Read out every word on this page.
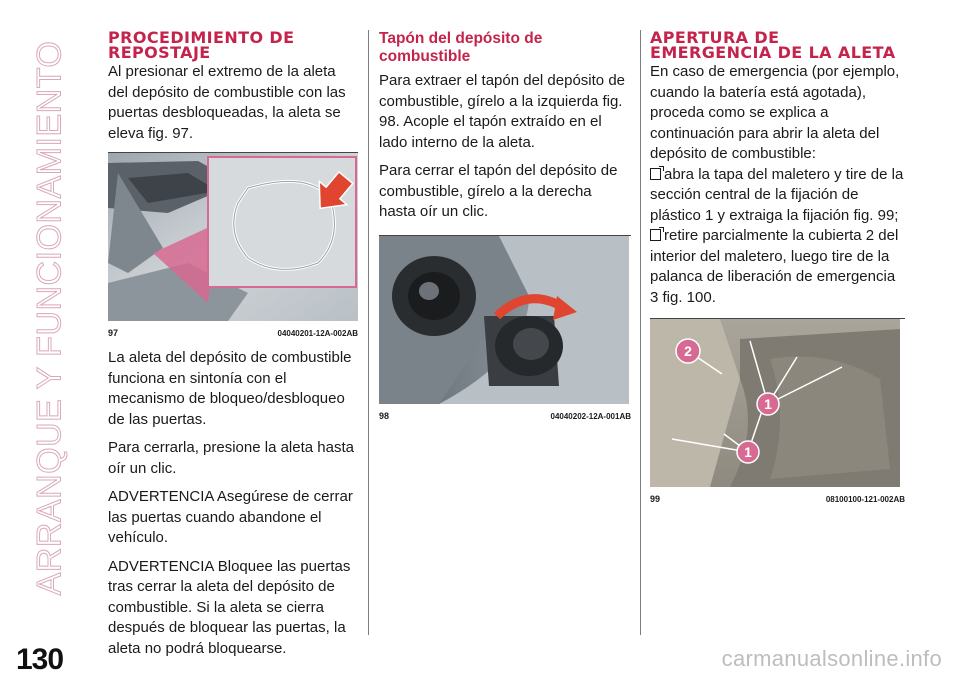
ARRANQUE Y FUNCIONAMIENTO
PROCEDIMIENTO DE REPOSTAJE

Al presionar el extremo de la aleta del depósito de combustible con las puertas desbloqueadas, la aleta se eleva fig. 97.

97	04040201-12A-002AB

La aleta del depósito de combustible funciona en sintonía con el mecanismo de bloqueo/desbloqueo de las puertas.

Para cerrarla, presione la aleta hasta oír un clic.

ADVERTENCIA Asegúrese de cerrar las puertas cuando abandone el vehículo.

ADVERTENCIA Bloquee las puertas tras cerrar la aleta del depósito de combustible. Si la aleta se cierra después de bloquear las puertas, la aleta no podrá bloquearse.

Tapón del depósito de combustible

Para extraer el tapón del depósito de combustible, gírelo a la izquierda fig. 98. Acople el tapón extraído en el lado interno de la aleta.

Para cerrar el tapón del depósito de combustible, gírelo a la derecha hasta oír un clic.

98	04040202-12A-001AB
APERTURA DE EMERGENCIA DE LA ALETA

En caso de emergencia (por ejemplo, cuando la batería está agotada), proceda como se explica a continuación para abrir la aleta del depósito de combustible:

abra la tapa del maletero y tire de la sección central de la fijación de plástico 1 y extraiga la fijación fig. 99;
retire parcialmente la cubierta 2 del interior del maletero, luego tire de la palanca de liberación de emergencia 3 fig. 100.
2
1
1
99	08100100-121-002AB
130	carmanualsonline.info
